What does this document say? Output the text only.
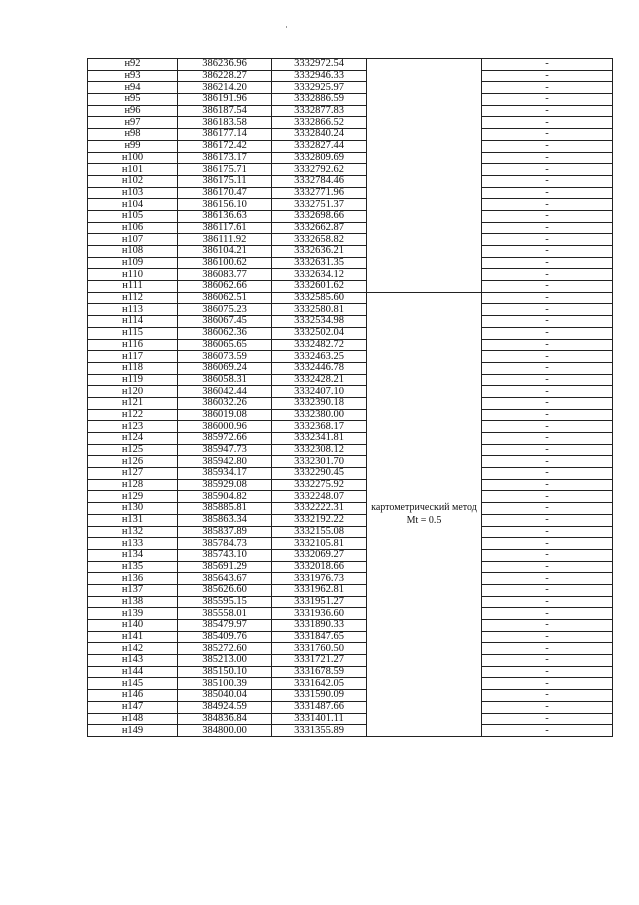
н92	386236.96	3332972.54		-
н93	386228.27	3332946.33		-
н94	386214.20	3332925.97		-
н95	386191.96	3332886.59		-
н96	386187.54	3332877.83		-
н97	386183.58	3332866.52		-
н98	386177.14	3332840.24		-
н99	386172.42	3332827.44		-
н100	386173.17	3332809.69		-
н101	386175.71	3332792.62		-
н102	386175.11	3332784.46		-
н103	386170.47	3332771.96		-
н104	386156.10	3332751.37		-
н105	386136.63	3332698.66		-
н106	386117.61	3332662.87		-
н107	386111.92	3332658.82		-
н108	386104.21	3332636.21		-
н109	386100.62	3332631.35		-
н110	386083.77	3332634.12		-
н111	386062.66	3332601.62		-
н112	386062.51	3332585.60	картометрический метод Mt = 0.5	-
н113	386075.23	3332580.81		-
н114	386067.45	3332534.98		-
н115	386062.36	3332502.04		-
н116	386065.65	3332482.72		-
н117	386073.59	3332463.25		-
н118	386069.24	3332446.78		-
н119	386058.31	3332428.21		-
н120	386042.44	3332407.10		-
н121	386032.26	3332390.18		-
н122	386019.08	3332380.00		-
н123	386000.96	3332368.17		-
н124	385972.66	3332341.81		-
н125	385947.73	3332308.12		-
н126	385942.80	3332301.70		-
н127	385934.17	3332290.45		-
н128	385929.08	3332275.92		-
н129	385904.82	3332248.07		-
н130	385885.81	3332222.31		-
н131	385863.34	3332192.22		-
н132	385837.89	3332155.08		-
н133	385784.73	3332105.81		-
н134	385743.10	3332069.27		-
н135	385691.29	3332018.66		-
н136	385643.67	3331976.73		-
н137	385626.60	3331962.81		-
н138	385595.15	3331951.27		-
н139	385558.01	3331936.60		-
н140	385479.97	3331890.33		-
н141	385409.76	3331847.65		-
н142	385272.60	3331760.50		-
н143	385213.00	3331721.27		-
н144	385150.10	3331678.59		-
н145	385100.39	3331642.05		-
н146	385040.04	3331590.09		-
н147	384924.59	3331487.66		-
н148	384836.84	3331401.11		-
н149	384800.00	3331355.89		-
